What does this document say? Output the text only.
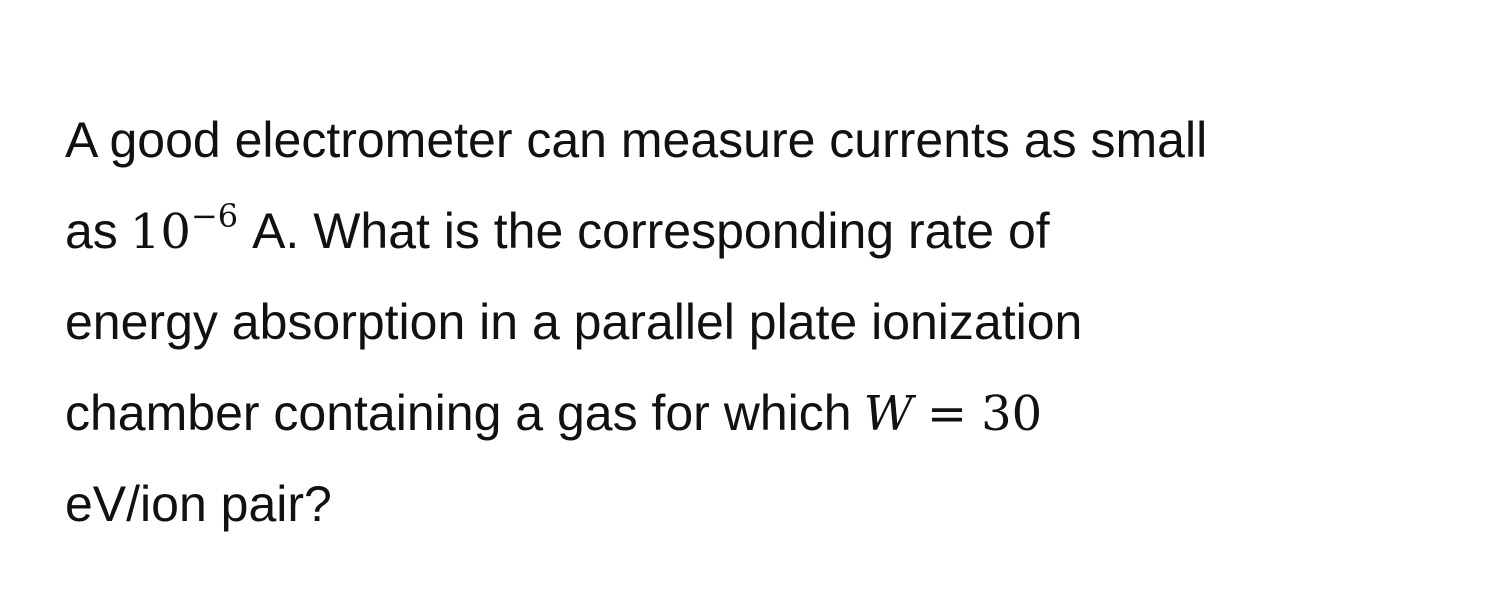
A good electrometer can measure currents as small
as $10^{-6}$ A. What is the corresponding rate of
energy absorption in a parallel plate ionization
chamber containing a gas for which W = 30
eV/ion pair?
